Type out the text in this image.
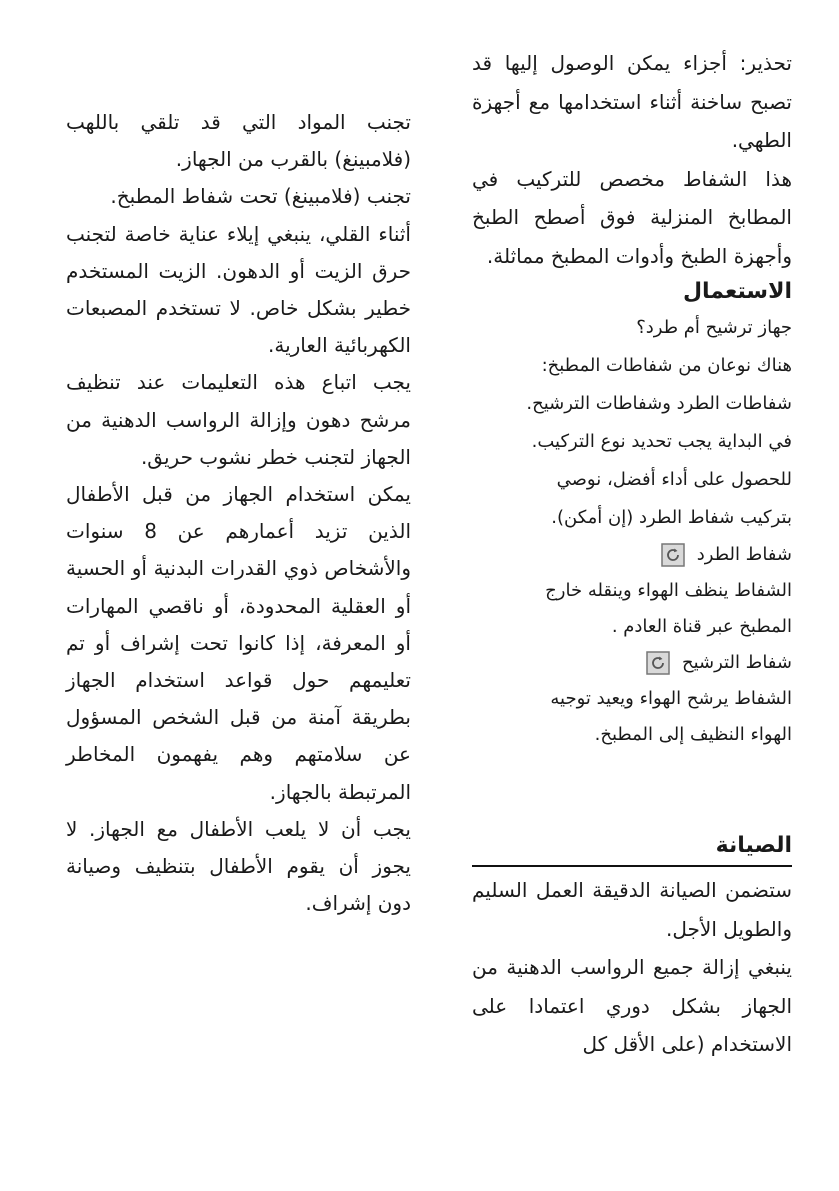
تحذير: أجزاء يمكن الوصول إليها قد تصبح ساخنة أثناء استخدامها مع أجهزة الطهي.

هذا الشفاط مخصص للتركيب في المطابخ المنزلية فوق أصطح الطبخ وأجهزة الطبخ وأدوات المطبخ مماثلة.

الاستعمال

جهاز ترشيح أم طرد؟

هناك نوعان من شفاطات المطبخ:

شفاطات الطرد وشفاطات الترشيح.

في البداية يجب تحديد نوع التركيب.

للحصول على أداء أفضل، نوصي

بتركيب شفاط الطرد (إن أمكن).

شفاط الطرد

الشفاط ينظف الهواء وينقله خارج

المطبخ عبر قناة العادم .

شفاط الترشيح

الشفاط يرشح الهواء ويعيد توجيه

الهواء النظيف إلى المطبخ.

الصيانة

ستضمن الصيانة الدقيقة العمل السليم والطويل الأجل.

ينبغي إزالة جميع الرواسب الدهنية من الجهاز بشكل دوري اعتمادا على الاستخدام (على الأقل كل

تجنب المواد التي قد تلقي باللهب (فلامبينغ) بالقرب من الجهاز.

تجنب (فلامبينغ) تحت شفاط المطبخ.

أثناء القلي، ينبغي إيلاء عناية خاصة لتجنب حرق الزيت أو الدهون. الزيت المستخدم خطير بشكل خاص. لا تستخدم المصبعات الكهربائية العارية.

يجب اتباع هذه التعليمات عند تنظيف مرشح دهون وإزالة الرواسب الدهنية من الجهاز لتجنب خطر نشوب حريق.

يمكن استخدام الجهاز من قبل الأطفال الذين تزيد أعمارهم عن 8 سنوات والأشخاص ذوي القدرات البدنية أو الحسية أو العقلية المحدودة، أو ناقصي المهارات أو المعرفة، إذا كانوا تحت إشراف أو تم تعليمهم حول قواعد استخدام الجهاز بطريقة آمنة من قبل الشخص المسؤول عن سلامتهم وهم يفهمون المخاطر المرتبطة بالجهاز.

يجب أن لا يلعب الأطفال مع الجهاز. لا يجوز أن يقوم الأطفال بتنظيف وصيانة دون إشراف.
